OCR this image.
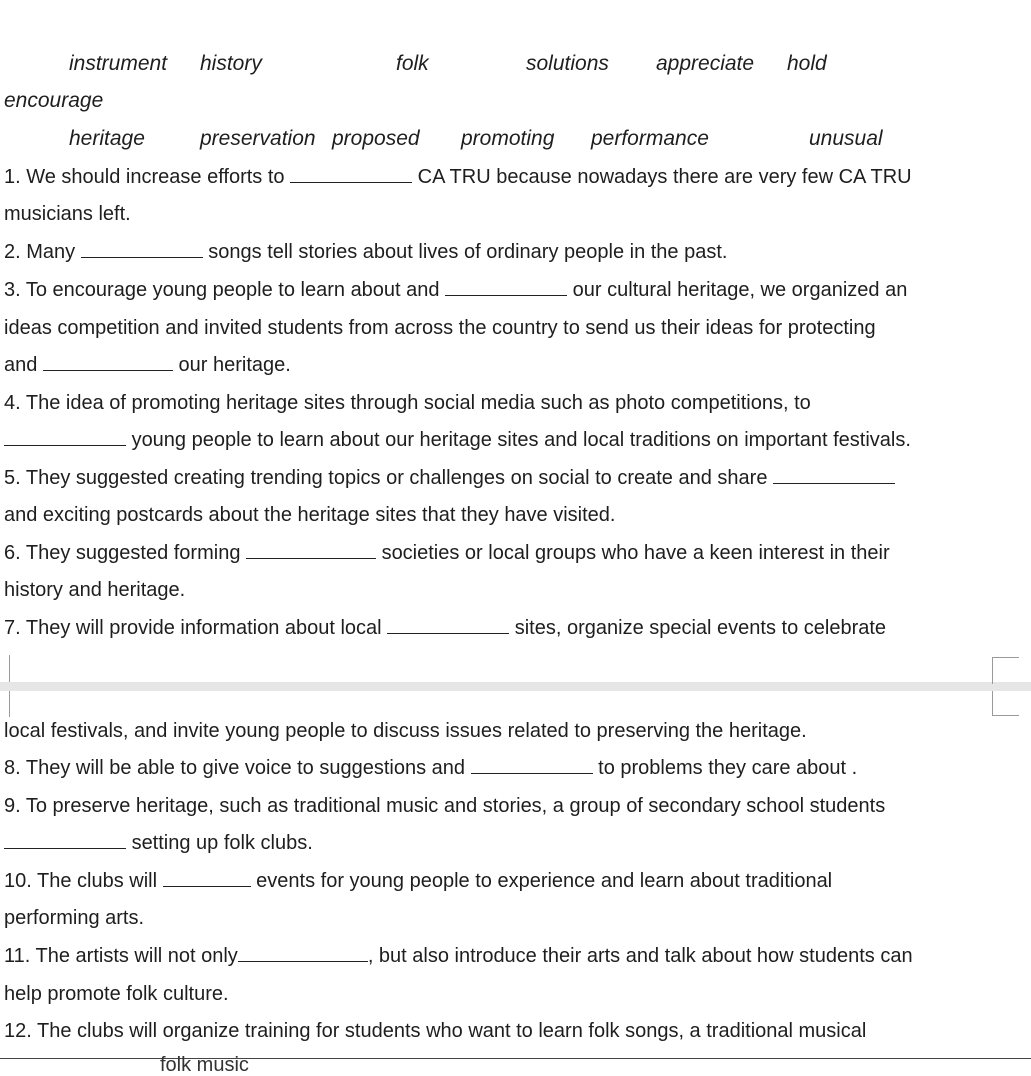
instrument history	folk	solutions appreciate hold
encourage
heritage	preservation proposed promoting performance	unusual
1. We should increase efforts to	CA TRU because nowadays there are very few CA TRU
musicians left.
2. Many	songs tell stories about lives of ordinary people in the past.
3. To encourage young people to learn about and	our cultural heritage, we organized an
ideas competition and invited students from across the country to send us their ideas for protecting
and	our heritage.
4. The idea of promoting heritage sites through social media such as photo competitions, to
young people to learn about our heritage sites and local traditions on important festivals.
5. They suggested creating trending topics or challenges on social to create and share
and exciting postcards about the heritage sites that they have visited.
6. They suggested forming	societies or local groups who have a keen interest in their
history and heritage.
7. They will provide information about local	sites, organize special events to celebrate
local festivals, and invite young people to discuss issues related to preserving the heritage.
8. They will be able to give voice to suggestions and	to problems they care about .
9. To preserve heritage, such as traditional music and stories, a group of secondary school students
setting up folk clubs.
10. The clubs will	events for young people to experience and learn about traditional
performing arts.
11. The artists will not only	, but also introduce their arts and talk about how students can
help promote folk culture.
12. The clubs will organize training for students who want to learn folk songs, a traditional musical
folk music
